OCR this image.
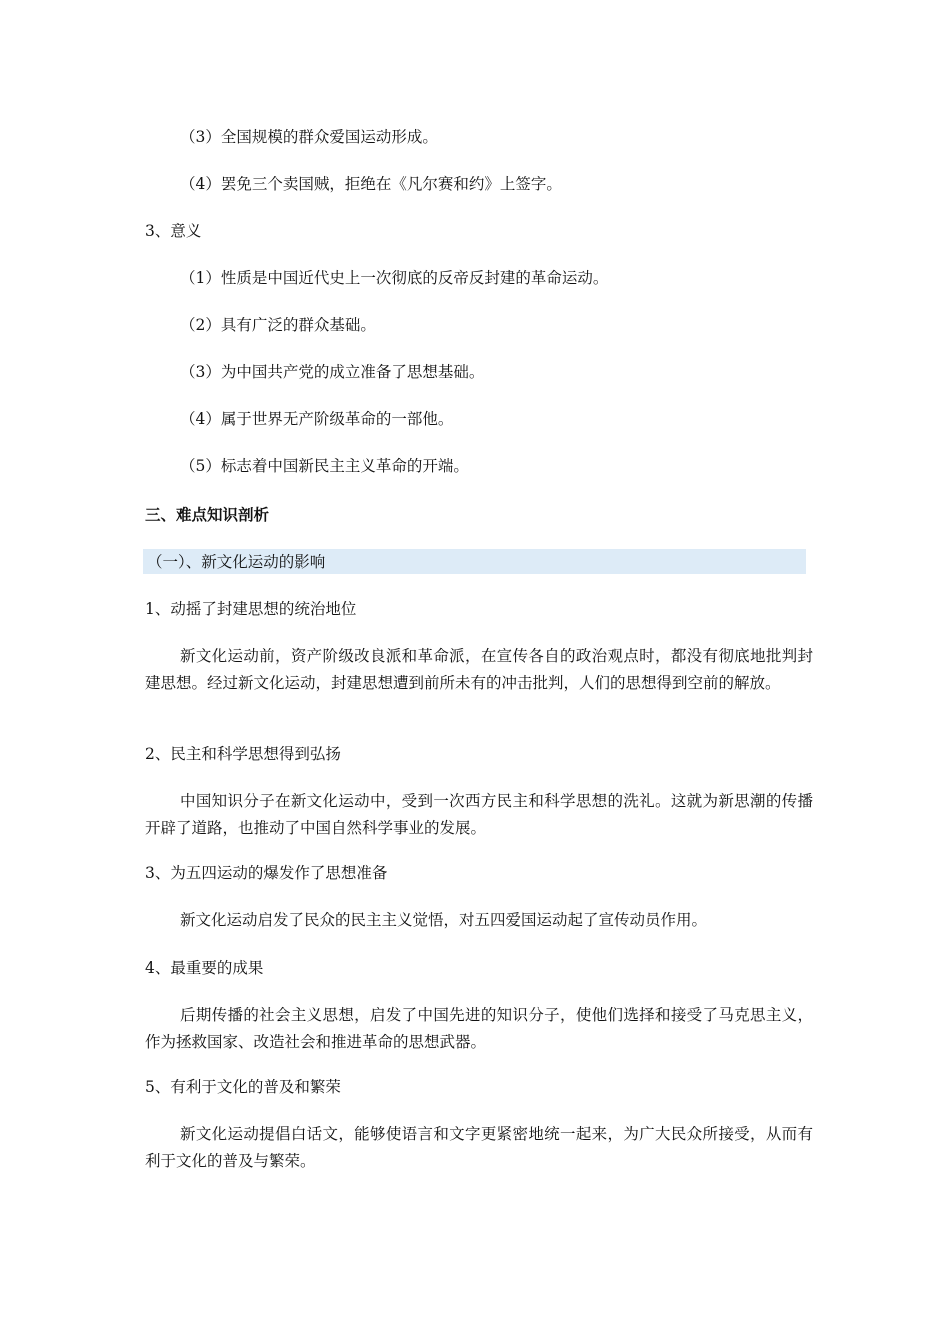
（3）全国规模的群众爱国运动形成。

（4）罢免三个卖国贼，拒绝在《凡尔赛和约》上签字。

3、意义

（1）性质是中国近代史上一次彻底的反帝反封建的革命运动。

（2）具有广泛的群众基础。

（3）为中国共产党的成立准备了思想基础。

（4）属于世界无产阶级革命的一部他。

（5）标志着中国新民主主义革命的开端。

三、难点知识剖析

（一）、新文化运动的影响

1、动摇了封建思想的统治地位

新文化运动前，资产阶级改良派和革命派，在宣传各自的政治观点时，都没有彻底地批判封建思想。经过新文化运动，封建思想遭到前所未有的冲击批判，人们的思想得到空前的解放。

2、民主和科学思想得到弘扬

中国知识分子在新文化运动中，受到一次西方民主和科学思想的洗礼。这就为新思潮的传播开辟了道路，也推动了中国自然科学事业的发展。

3、为五四运动的爆发作了思想准备

新文化运动启发了民众的民主主义觉悟，对五四爱国运动起了宣传动员作用。

4、最重要的成果

后期传播的社会主义思想，启发了中国先进的知识分子，使他们选择和接受了马克思主义，作为拯救国家、改造社会和推进革命的思想武器。

5、有利于文化的普及和繁荣

新文化运动提倡白话文，能够使语言和文字更紧密地统一起来，为广大民众所接受，从而有利于文化的普及与繁荣。
